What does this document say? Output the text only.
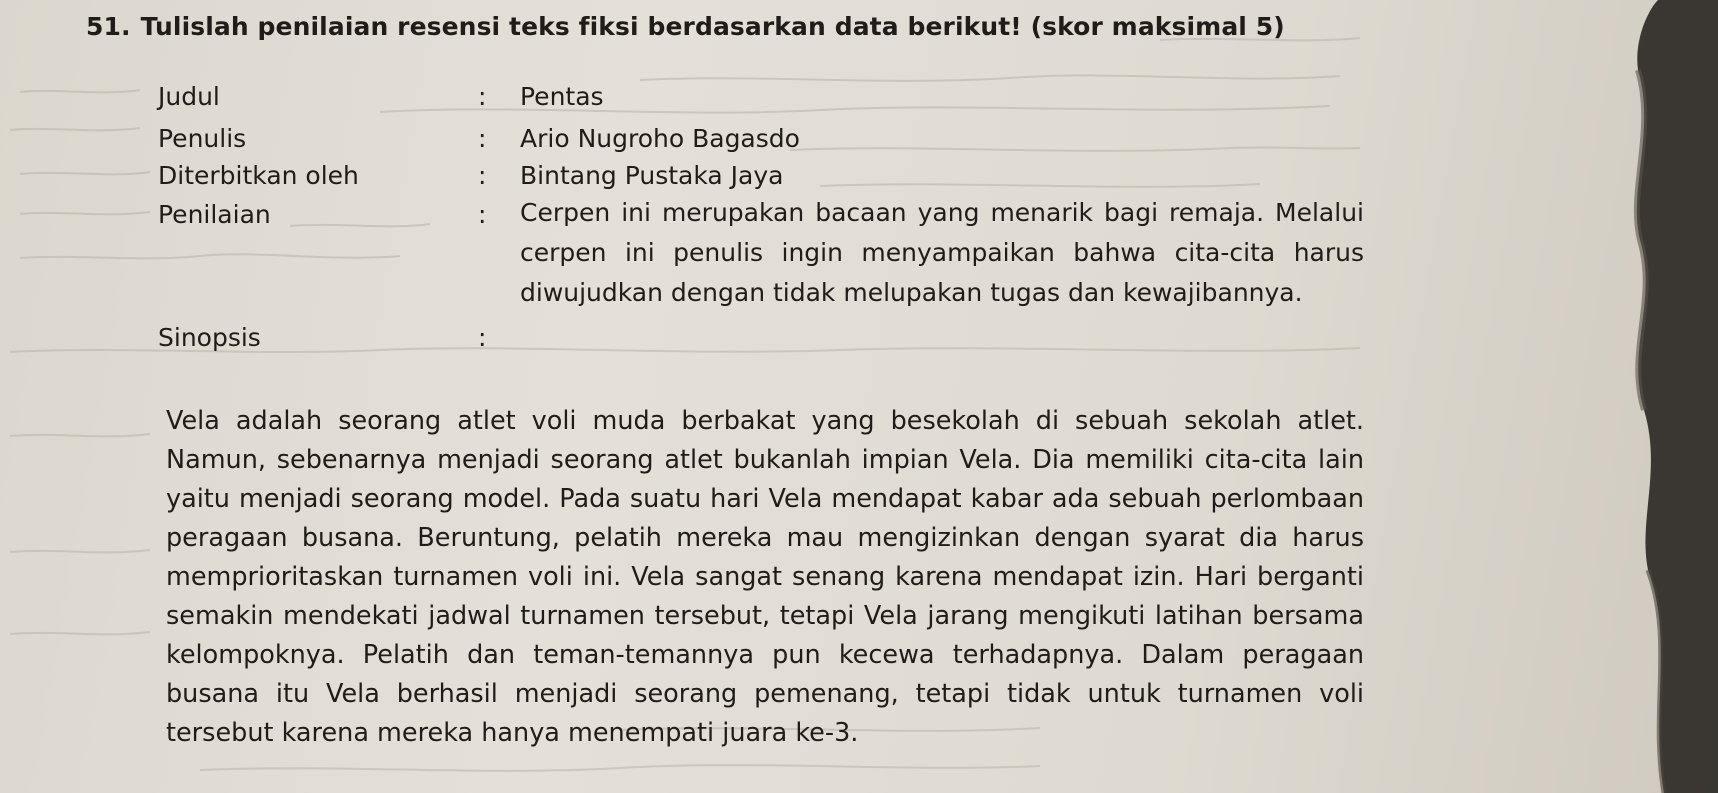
51. Tulislah penilaian resensi teks fiksi berdasarkan data berikut! (skor maksimal 5)
Judul	: Pentas
Penulis	: Ario Nugroho Bagasdo
Diterbitkan oleh	: Bintang Pustaka Jaya
Penilaian	: Cerpen ini merupakan bacaan yang menarik bagi remaja. Melalui cerpen ini penulis ingin menyampaikan bahwa cita-cita harus diwujudkan dengan tidak melupakan tugas dan kewajibannya.
Sinopsis	:
Vela adalah seorang atlet voli muda berbakat yang besekolah di sebuah sekolah atlet. Namun, sebenarnya menjadi seorang atlet bukanlah impian Vela. Dia memiliki cita-cita lain yaitu menjadi seorang model. Pada suatu hari Vela mendapat kabar ada sebuah perlombaan peragaan busana. Beruntung, pelatih mereka mau mengizinkan dengan syarat dia harus memprioritaskan turnamen voli ini. Vela sangat senang karena mendapat izin. Hari berganti semakin mendekati jadwal turnamen tersebut, tetapi Vela jarang mengikuti latihan bersama kelompoknya. Pelatih dan teman-temannya pun kecewa terhadapnya. Dalam peragaan busana itu Vela berhasil menjadi seorang pemenang, tetapi tidak untuk turnamen voli tersebut karena mereka hanya menempati juara ke-3.
